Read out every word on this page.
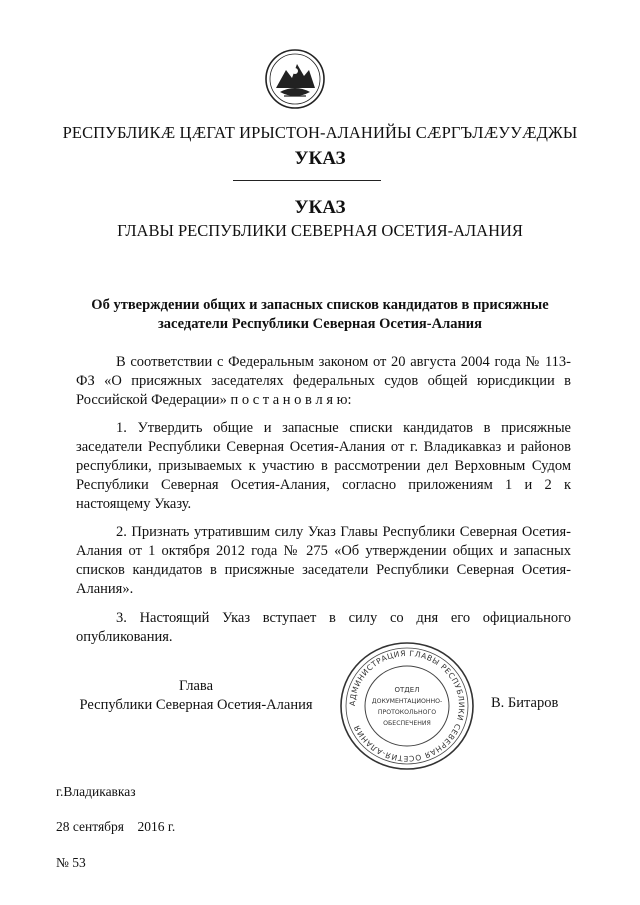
РЕСПУБЛИКӔ ЦӔГАТ ИРЫСТОН-АЛАНИЙЫ СӔРГЪЛӔУУӔДЖЫ
УКАЗ
УКАЗ
ГЛАВЫ РЕСПУБЛИКИ СЕВЕРНАЯ ОСЕТИЯ-АЛАНИЯ
Об утверждении общих и запасных списков кандидатов в присяжные заседатели Республики Северная Осетия-Алания
В соответствии с Федеральным законом от 20 августа 2004 года № 113-ФЗ «О присяжных заседателях федеральных судов общей юрисдикции в Российской Федерации» п о с т а н о в л я ю:
1. Утвердить общие и запасные списки кандидатов в присяжные заседатели Республики Северная Осетия-Алания от г. Владикавказ и районов республики, призываемых к участию в рассмотрении дел Верховным Судом Республики Северная Осетия-Алания, согласно приложениям 1 и 2 к настоящему Указу.
2. Признать утратившим силу Указ Главы Республики Северная Осетия-Алания от 1 октября 2012 года № 275 «Об утверждении общих и запасных списков кандидатов в присяжные заседатели Республики Северная Осетия-Алания».
3. Настоящий Указ вступает в силу со дня его официального опубликования.
Глава
Республики Северная Осетия-Алания	АДМИНИСТРАЦИЯ ГЛАВЫ РЕСПУБЛИКИ СЕВЕРНАЯ ОСЕТИЯ-АЛАНИЯ
ОТДЕЛ
ДОКУМЕНТАЦИОННО-
ПРОТОКОЛЬНОГО
ОБЕСПЕЧЕНИЯ
В. Битаров
г.Владикавказ
28 сентября    2016 г.
№ 53
